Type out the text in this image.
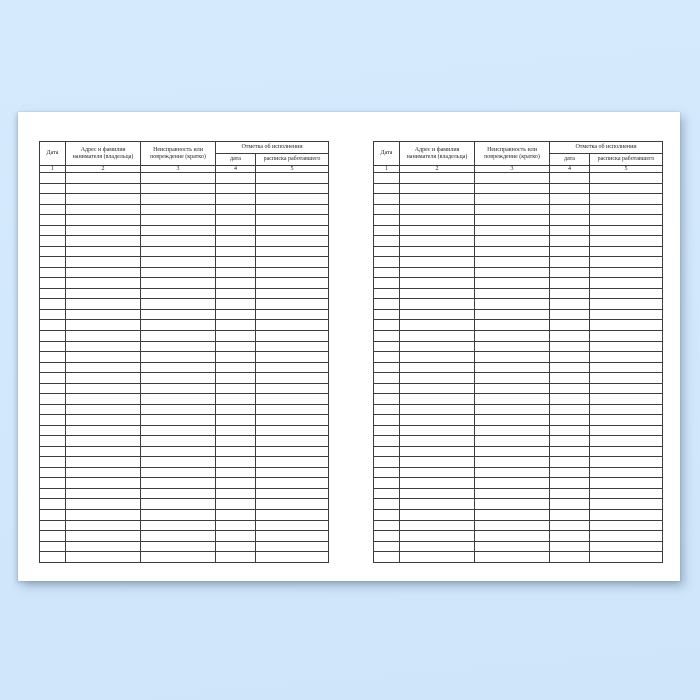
Дата	Адрес и фамилия нанимателя (владельца)	Неисправность или повреждение (кратко)	Отметка об исполнении	
			дата	расписка работавшего
1	2	3	4	5

Дата	Адрес и фамилия нанимателя (владельца)	Неисправность или повреждение (кратко)	Отметка об исполнении	
			дата	расписка работавшего
1	2	3	4	5
